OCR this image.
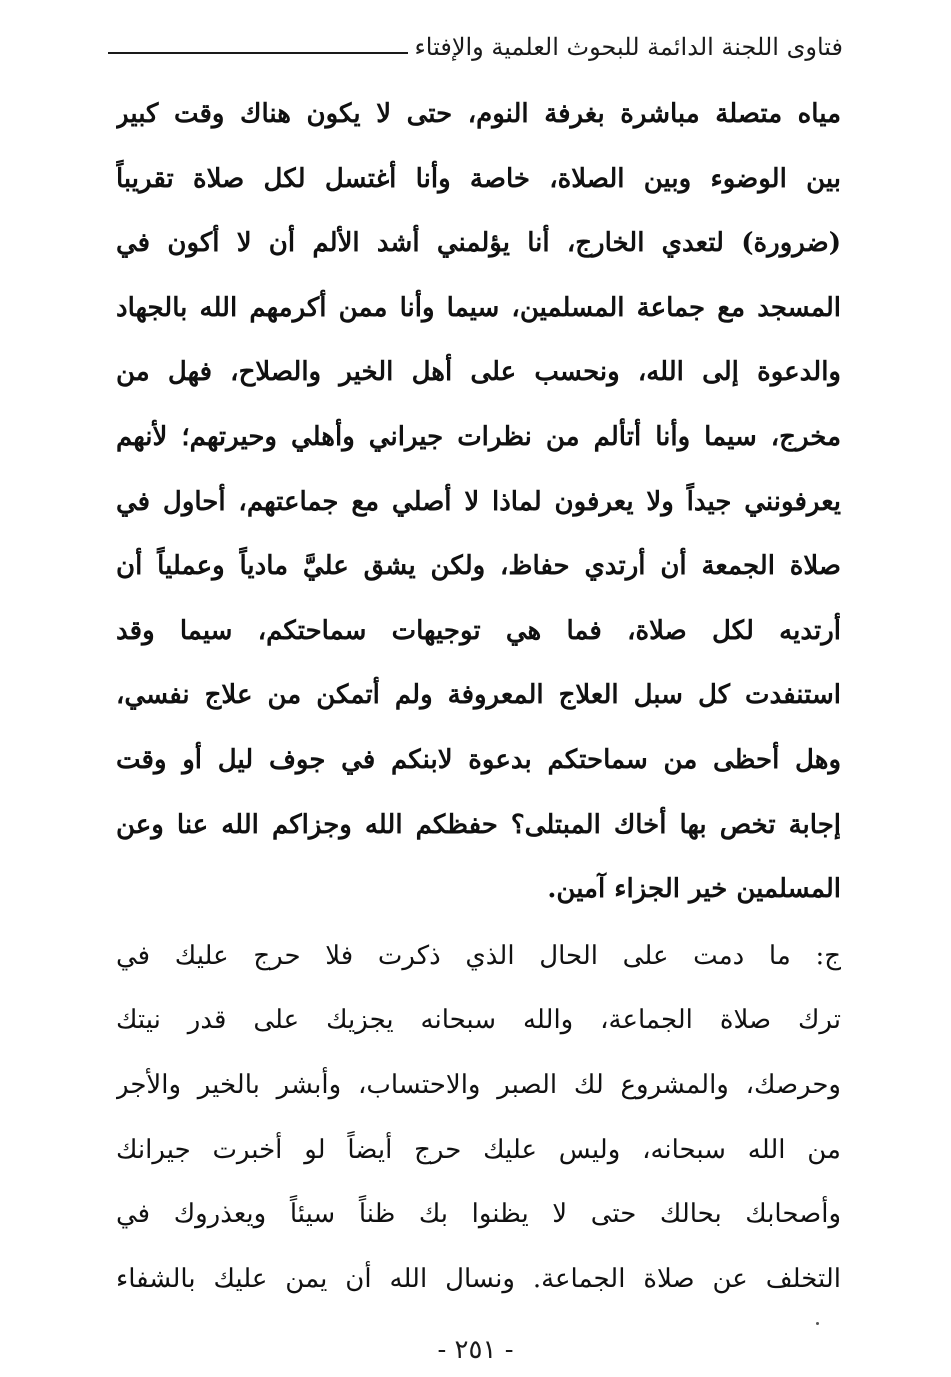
فتاوى اللجنة الدائمة للبحوث العلمية والإفتاء
مياه متصلة مباشرة بغرفة النوم، حتى لا يكون هناك وقت كبير
بين الوضوء وبين الصلاة، خاصة وأنا أغتسل لكل صلاة تقريباً
(ضرورة) لتعدي الخارج، أنا يؤلمني أشد الألم أن لا أكون في
المسجد مع جماعة المسلمين، سيما وأنا ممن أكرمهم الله بالجهاد
والدعوة إلى الله، ونحسب على أهل الخير والصلاح، فهل من
مخرج، سيما وأنا أتألم من نظرات جيراني وأهلي وحيرتهم؛ لأنهم
يعرفونني جيداً ولا يعرفون لماذا لا أصلي مع جماعتهم، أحاول في
صلاة الجمعة أن أرتدي حفاظ، ولكن يشق عليَّ مادياً وعملياً أن
أرتديه لكل صلاة، فما هي توجيهات سماحتكم، سيما وقد
استنفدت كل سبل العلاج المعروفة ولم أتمكن من علاج نفسي،
وهل أحظى من سماحتكم بدعوة لابنكم في جوف ليل أو وقت
إجابة تخص بها أخاك المبتلى؟ حفظكم الله وجزاكم الله عنا وعن
المسلمين خير الجزاء آمين.
ج: ما دمت على الحال الذي ذكرت فلا حرج عليك في
ترك صلاة الجماعة، والله سبحانه يجزيك على قدر نيتك
وحرصك، والمشروع لك الصبر والاحتساب، وأبشر بالخير والأجر
من الله سبحانه، وليس عليك حرج أيضاً لو أخبرت جيرانك
وأصحابك بحالك حتى لا يظنوا بك ظناً سيئاً ويعذروك في
التخلف عن صلاة الجماعة. ونسال الله أن يمن عليك بالشفاء
- ٢٥١ -
